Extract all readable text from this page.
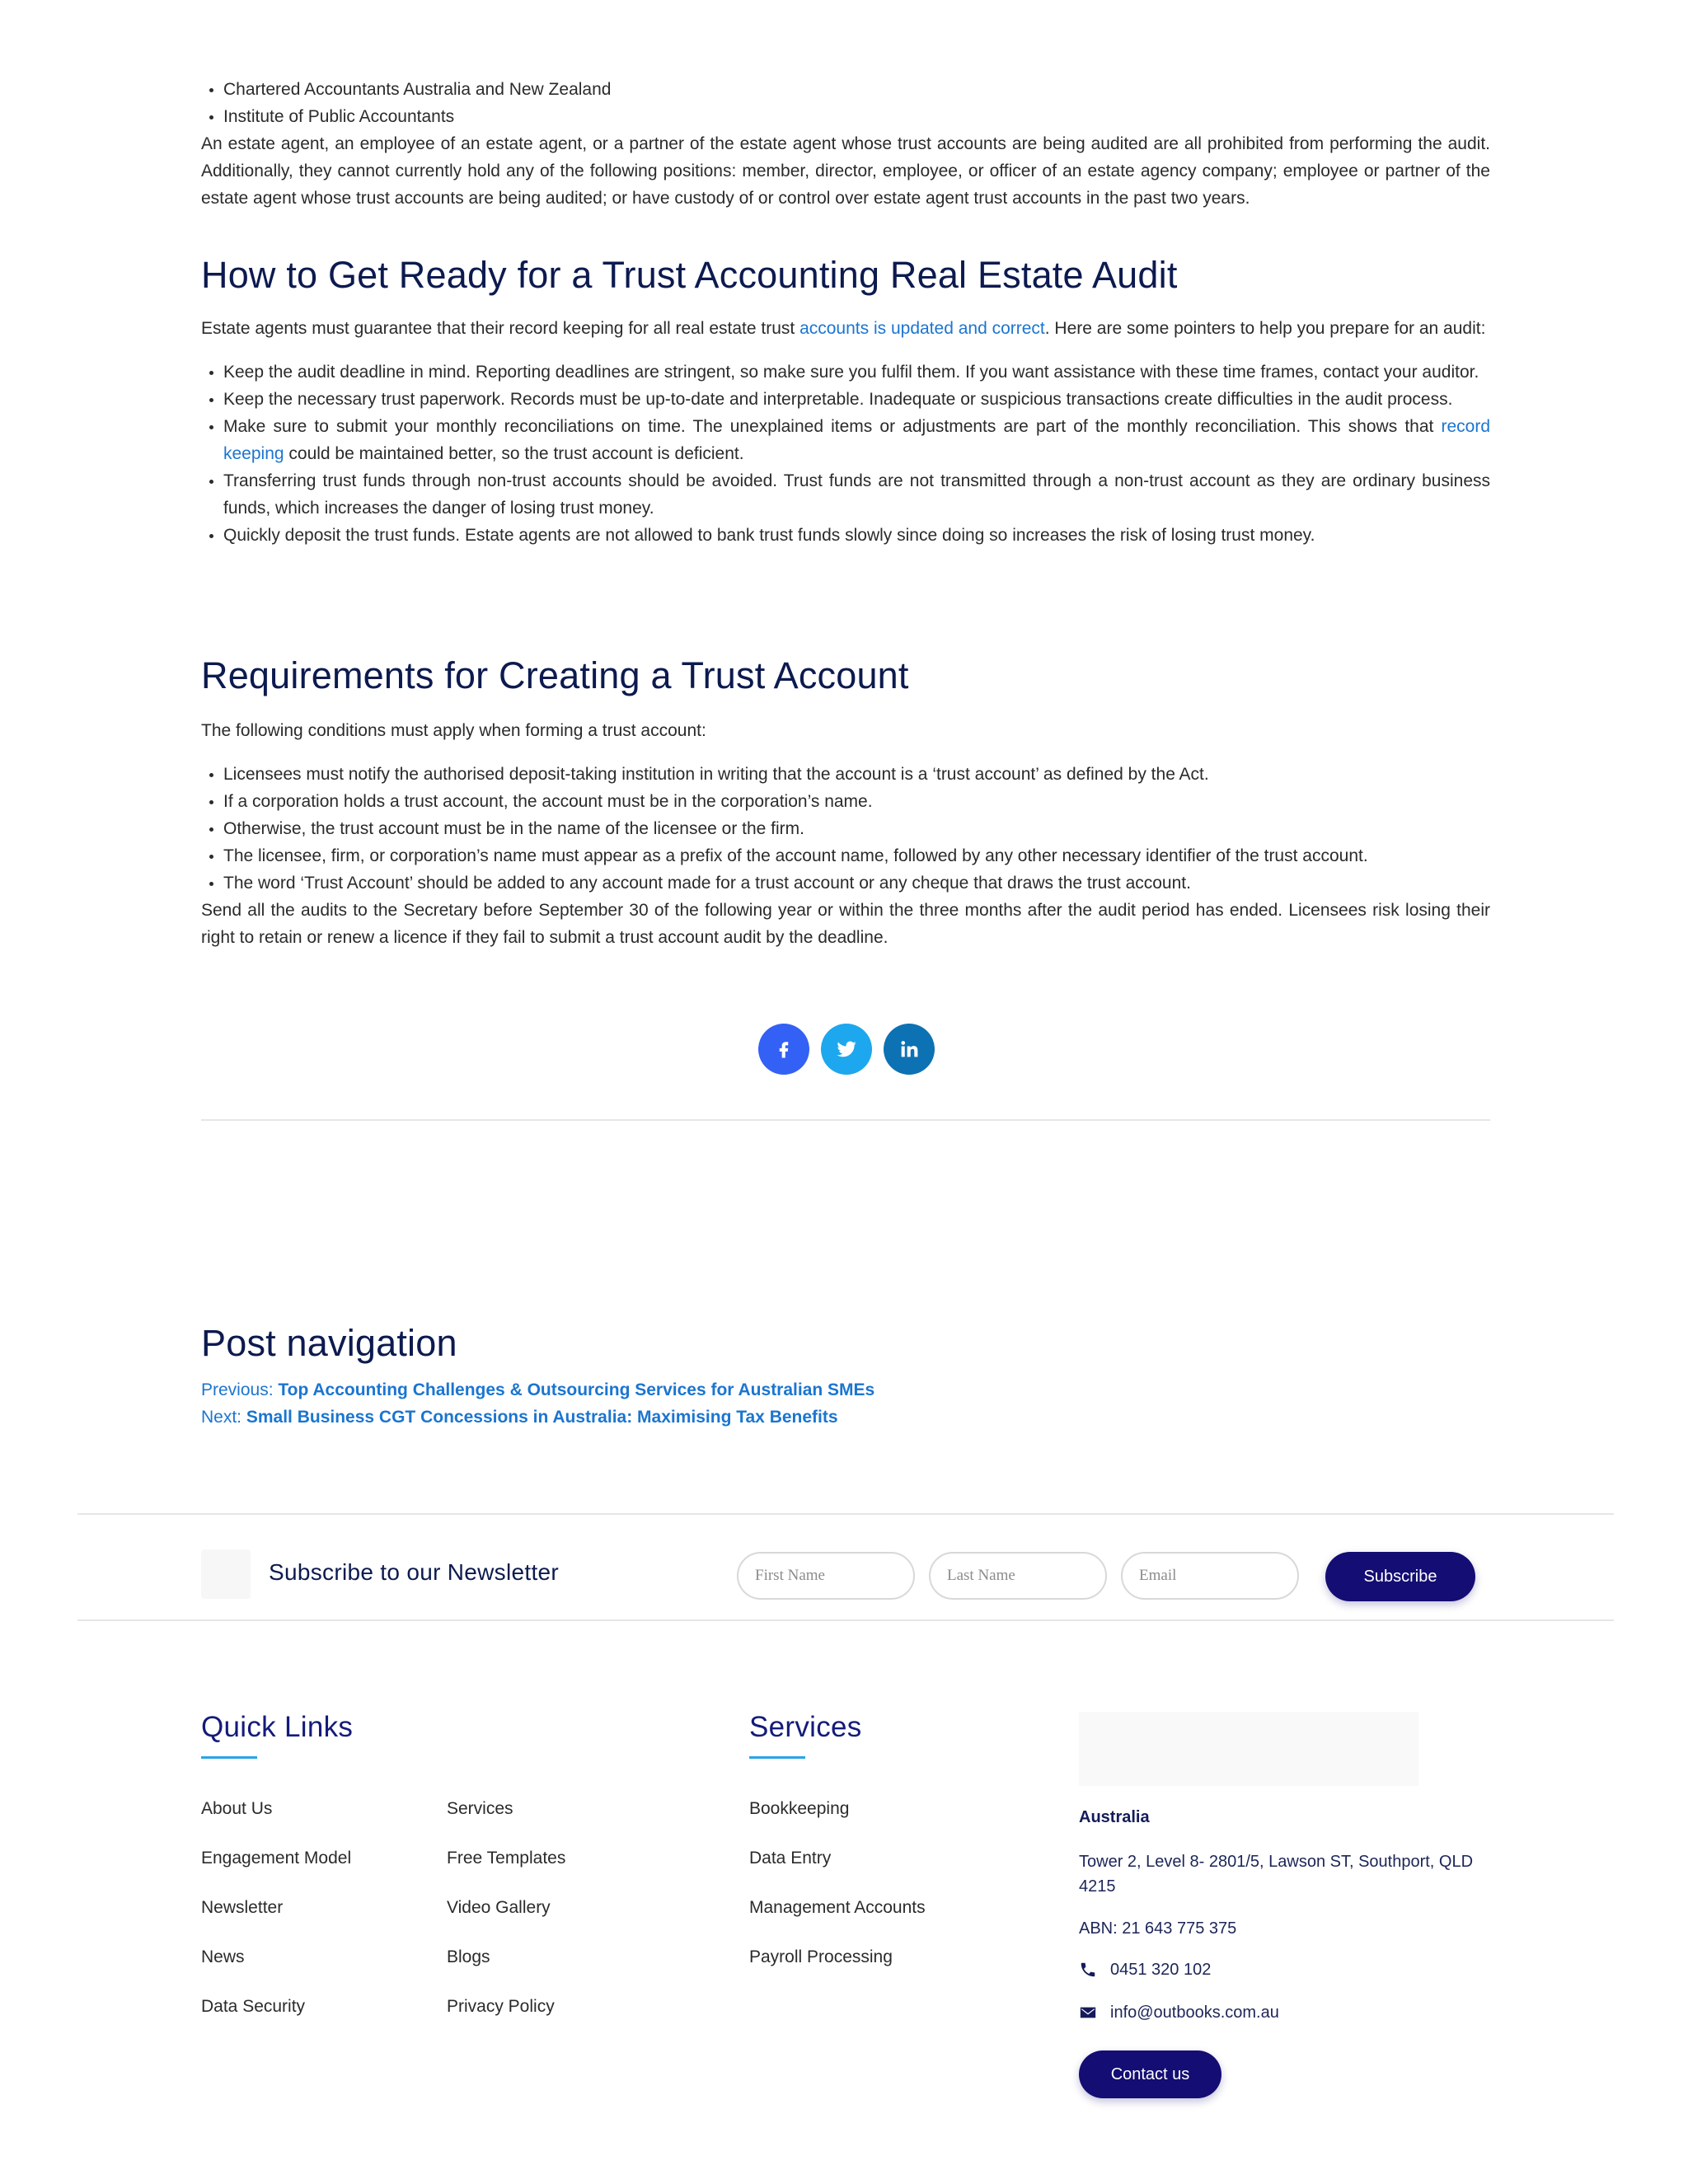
• Chartered Accountants Australia and New Zealand
• Institute of Public Accountants

An estate agent, an employee of an estate agent, or a partner of the estate agent whose trust accounts are being audited are all prohibited from performing the audit. Additionally, they cannot currently hold any of the following positions: member, director, employee, or officer of an estate agency company; employee or partner of the estate agent whose trust accounts are being audited; or have custody of or control over estate agent trust accounts in the past two years.

How to Get Ready for a Trust Accounting Real Estate Audit

Estate agents must guarantee that their record keeping for all real estate trust accounts is updated and correct. Here are some pointers to help you prepare for an audit:

• Keep the audit deadline in mind. Reporting deadlines are stringent, so make sure you fulfil them. If you want assistance with these time frames, contact your auditor.
• Keep the necessary trust paperwork. Records must be up-to-date and interpretable. Inadequate or suspicious transactions create difficulties in the audit process.
• Make sure to submit your monthly reconciliations on time. The unexplained items or adjustments are part of the monthly reconciliation. This shows that record keeping could be maintained better, so the trust account is deficient.
• Transferring trust funds through non-trust accounts should be avoided. Trust funds are not transmitted through a non-trust account as they are ordinary business funds, which increases the danger of losing trust money.
• Quickly deposit the trust funds. Estate agents are not allowed to bank trust funds slowly since doing so increases the risk of losing trust money.
Requirements for Creating a Trust Account

The following conditions must apply when forming a trust account:

• Licensees must notify the authorised deposit-taking institution in writing that the account is a ‘trust account’ as defined by the Act.
• If a corporation holds a trust account, the account must be in the corporation’s name.
• Otherwise, the trust account must be in the name of the licensee or the firm.
• The licensee, firm, or corporation’s name must appear as a prefix of the account name, followed by any other necessary identifier of the trust account.
• The word ‘Trust Account’ should be added to any account made for a trust account or any cheque that draws the trust account.

Send all the audits to the Secretary before September 30 of the following year or within the three months after the audit period has ended. Licensees risk losing their right to retain or renew a licence if they fail to submit a trust account audit by the deadline.

Post navigation
Previous: Top Accounting Challenges & Outsourcing Services for Australian SMEs
Next: Small Business CGT Concessions in Australia: Maximising Tax Benefits
Subscribe to our Newsletter
First Name
Last Name
Email	Subscribe
Quick Links
About Us
Engagement Model
Newsletter
News
Data Security
Services
Free Templates
Video Gallery
Blogs
Privacy Policy
Services
Bookkeeping
Data Entry
Management Accounts
Payroll Processing
Australia
Tower 2, Level 8- 2801/5, Lawson ST, Southport, QLD 4215
ABN: 21 643 775 375
0451 320 102
info@outbooks.com.au
Contact us
